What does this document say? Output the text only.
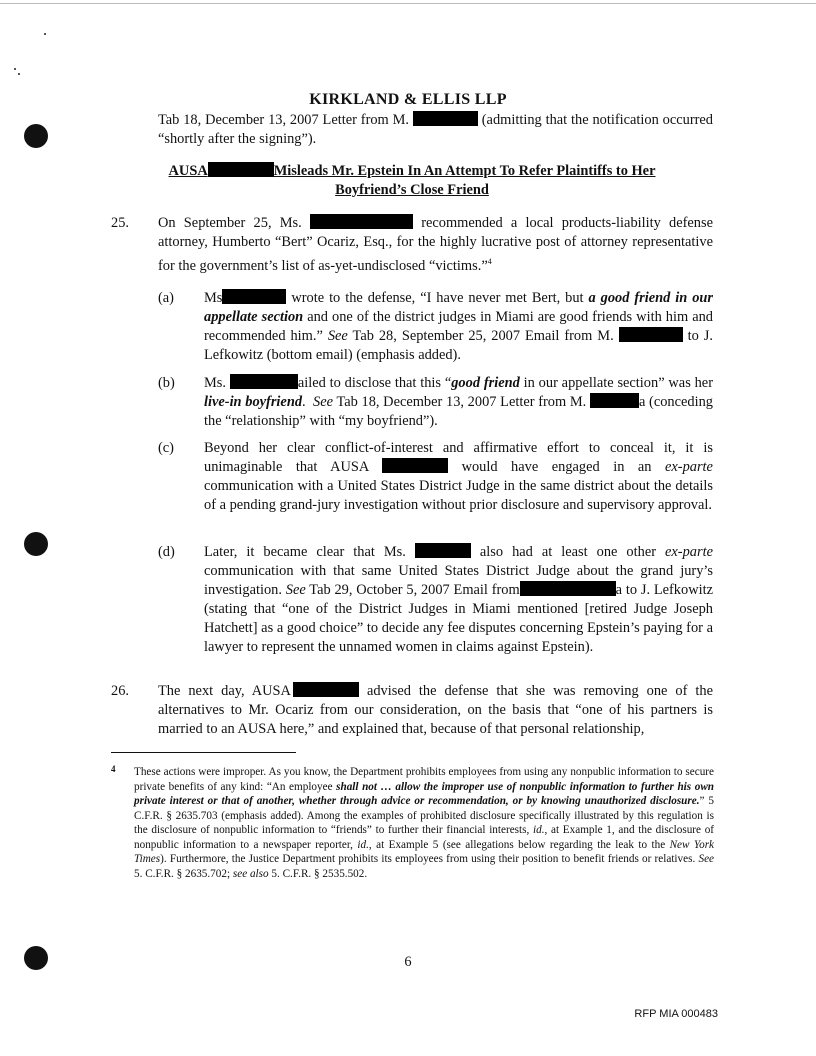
KIRKLAND & ELLIS LLP
Tab 18, December 13, 2007 Letter from M.	(admitting that the notification occurred “shortly after the signing”).
AUSA	Misleads Mr. Epstein In An Attempt To Refer Plaintiffs to Her
Boyfriend’s Close Friend
25. On September 25, Ms.	recommended a local products-liability defense attorney, Humberto “Bert” Ocariz, Esq., for the highly lucrative post of attorney representative for the government’s list of as-yet-undisclosed “victims.”$^4$
(a) Ms	wrote to the defense, “I have never met Bert, but a good friend in our appellate section and one of the district judges in Miami are good friends with him and recommended him.” See Tab 28, September 25, 2007 Email from M.	to J. Lefkowitz (bottom email) (emphasis added).
(b) Ms.	ailed to disclose that this “good friend in our appellate section” was her live-in boyfriend. See Tab 18, December 13, 2007 Letter from M.	a (conceding the “relationship” with “my boyfriend”).
(c) Beyond her clear conflict-of-interest and affirmative effort to conceal it, it is unimaginable that AUSA	would have engaged in an ex-parte communication with a United States District Judge in the same district about the details of a pending grand-jury investigation without prior disclosure and supervisory approval.
(d) Later, it became clear that Ms.	also had at least one other ex-parte communication with that same United States District Judge about the grand jury’s investigation. See Tab 29, October 5, 2007 Email from	a to J. Lefkowitz (stating that “one of the District Judges in Miami mentioned [retired Judge Joseph Hatchett] as a good choice” to decide any fee disputes concerning Epstein’s paying for a lawyer to represent the unnamed women in claims against Epstein).
26. The next day, AUSA	advised the defense that she was removing one of the alternatives to Mr. Ocariz from our consideration, on the basis that “one of his partners is married to an AUSA here,” and explained that, because of that personal relationship,
4 These actions were improper. As you know, the Department prohibits employees from using any nonpublic information to secure private benefits of any kind: “An employee shall not … allow the improper use of nonpublic information to further his own private interest or that of another, whether through advice or recommendation, or by knowing unauthorized disclosure.” 5 C.F.R. § 2635.703 (emphasis added). Among the examples of prohibited disclosure specifically illustrated by this regulation is the disclosure of nonpublic information to “friends” to further their financial interests, id., at Example 1, and the disclosure of nonpublic information to a newspaper reporter, id., at Example 5 (see allegations below regarding the leak to the New York Times). Furthermore, the Justice Department prohibits its employees from using their position to benefit friends or relatives. See 5. C.F.R. § 2635.702; see also 5. C.F.R. § 2535.502.
6
RFP MIA 000483
